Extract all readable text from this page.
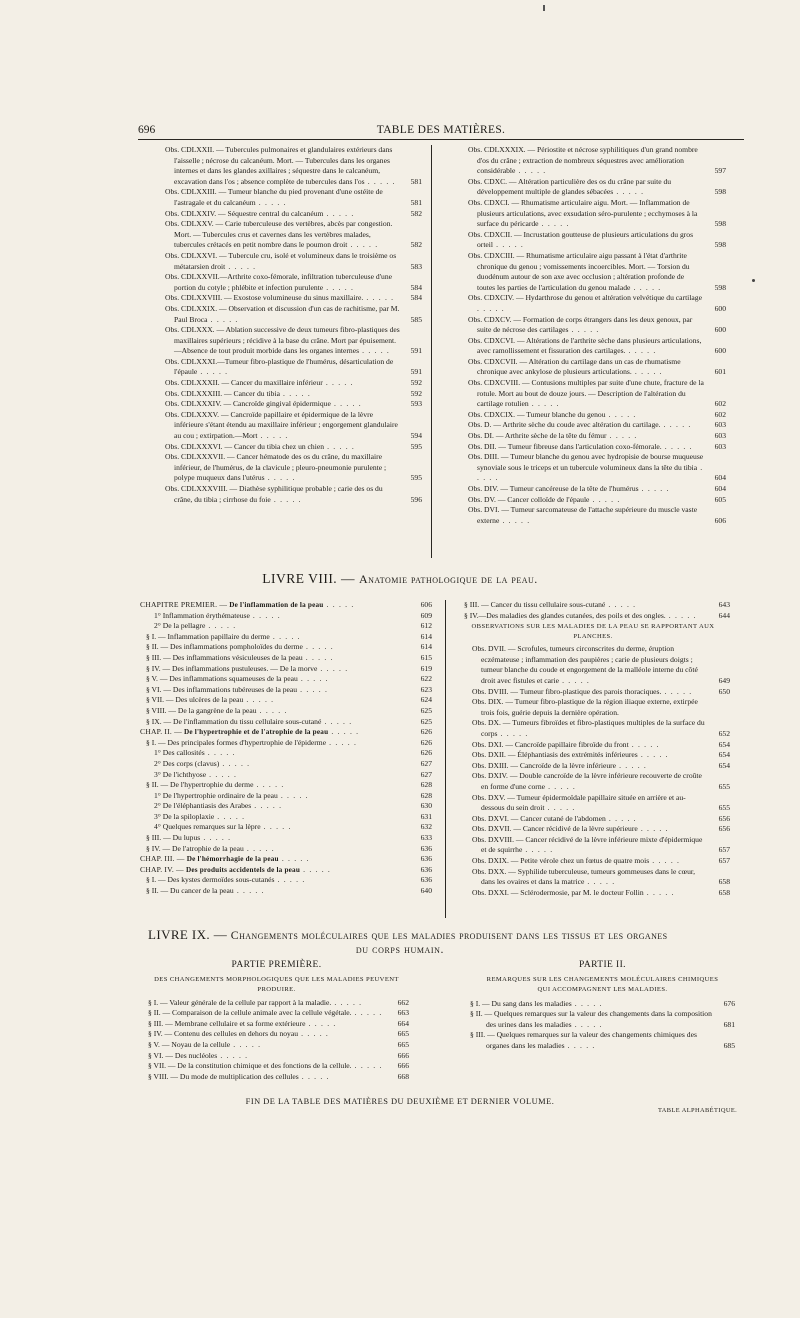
696	TABLE DES MATIÈRES.
Obs. CDLXXII. — Tubercules pulmonaires et glandulaires extérieurs dans l'aisselle ; nécrose du calcanéum. Mort. — Tubercules dans les organes internes et dans les glandes axillaires ; séquestre dans le calcanéum, excavation dans l'os ; absence complète de tubercules dans l'os . . . . . 581
Obs. CDLXXIII. — Tumeur blanche du pied provenant d'une ostéite de l'astragale et du calcanéum . . . . .	581
Obs. CDLXXIV. — Séquestre central du calcanéum . . . . .	582
Obs. CDLXXV. — Carie tuberculeuse des vertèbres, abcès par congestion. Mort. — Tubercules crus et cavernes dans les vertèbres malades, tubercules crétacés en petit nombre dans le poumon droit . . . . .	582
Obs. CDLXXVI. — Tubercule cru, isolé et volumineux dans le troisième os métatarsien droit . . . . .	583
Obs. CDLXXVII.—Arthrite coxo-fémorale, infiltration tuberculeuse d'une portion du cotyle ; phlébite et infection purulente . . . . .	584
Obs. CDLXXVIII. — Exostose volumineuse du sinus maxillaire. . . . . . 584
Obs. CDLXXIX. — Observation et discussion d'un cas de rachitisme, par M. Paul Broca . . . . .	585
Obs. CDLXXX. — Ablation successive de deux tumeurs fibro-plastiques des maxillaires supérieurs ; récidive à la base du crâne. Mort par épuisement.—Absence de tout produit morbide dans les organes internes . . . . .	591
Obs. CDLXXXI.—Tumeur fibro-plastique de l'humérus, désarticulation de l'épaule . . . . .	591
Obs. CDLXXXII. — Cancer du maxillaire inférieur . . . . .	592
Obs. CDLXXXIII. — Cancer du tibia . . . . .	592
Obs. CDLXXXIV. — Cancroïde gingival épidermique . . . . .	593
Obs. CDLXXXV. — Cancroïde papillaire et épidermique de la lèvre inférieure s'étant étendu au maxillaire inférieur ; engorgement glandulaire au cou ; extirpation.—Mort . . . . .	594
Obs. CDLXXXVI. — Cancer du tibia chez un chien . . . . .	595
Obs. CDLXXXVII. — Cancer hématode des os du crâne, du maxillaire inférieur, de l'humérus, de la clavicule ; pleuro-pneumonie purulente ; polype muqueux dans l'utérus . . . . .	595
Obs. CDLXXXVIII. — Diathèse syphilitique probable ; carie des os du crâne, du tibia ; cirrhose du foie . . . . .	596
Obs. CDLXXXIX. — Périostite et nécrose syphilitiques d'un grand nombre d'os du crâne ; extraction de nombreux séquestres avec amélioration considérable . . . . .	597
Obs. CDXC. — Altération particulière des os du crâne par suite du développement multiple de glandes sébacées . . . . .	598
Obs. CDXCI. — Rhumatisme articulaire aigu. Mort. — Inflammation de plusieurs articulations, avec exsudation séro-purulente ; ecchymoses à la surface du péricarde . . . . .	598
Obs. CDXCII. — Incrustation goutteuse de plusieurs articulations du gros orteil . . . . .	598
Obs. CDXCIII. — Rhumatisme articulaire aigu passant à l'état d'arthrite chronique du genou ; vomissements incoercibles. Mort. — Torsion du duodénum autour de son axe avec occlusion ; altération profonde de toutes les parties de l'articulation du genou malade . . . . .	598
Obs. CDXCIV. — Hydarthrose du genou et altération velvétique du cartilage . . . . .	600
Obs. CDXCV. — Formation de corps étrangers dans les deux genoux, par suite de nécrose des cartilages . . . . .	600
Obs. CDXCVI. — Altérations de l'arthrite sèche dans plusieurs articulations, avec ramollissement et fissuration des cartilages. . . . . .	600
Obs. CDXCVII. — Altération du cartilage dans un cas de rhumatisme chronique avec ankylose de plusieurs articulations. . . . . .	601
Obs. CDXCVIII. — Contusions multiples par suite d'une chute, fracture de la rotule. Mort au bout de douze jours. — Description de l'altération du cartilage rotulien . . . . .	602
Obs. CDXCIX. — Tumeur blanche du genou . . . . .	602
Obs. D. — Arthrite sèche du coude avec altération du cartilage. . . . . .	603
Obs. DI. — Arthrite sèche de la tête du fémur . . . . .	603
Obs. DII. — Tumeur fibreuse dans l'articulation coxo-fémorale. . . . . .	603
Obs. DIII. — Tumeur blanche du genou avec hydropisie de bourse muqueuse synoviale sous le triceps et un tubercule volumineux dans la tête du tibia . . . . .	604
Obs. DIV. — Tumeur cancéreuse de la tête de l'humérus . . . . .	604
Obs. DV. — Cancer colloïde de l'épaule . . . . .	605
Obs. DVI. — Tumeur sarcomateuse de l'attache supérieure du muscle vaste externe . . . . .	606
LIVRE VIII. — Anatomie pathologique de la peau.
CHAPITRE PREMIER. — De l'inflammation de la peau . . . . .	606
1° Inflammation érythémateuse . . . . .	609
2° De la pellagre . . . . .	612
§ I. — Inflammation papillaire du derme . . . . .	614
§ II. — Des inflammations pompholoïdes du derme . . . . .	614
§ III. — Des inflammations vésiculeuses de la peau . . . . .	615
§ IV. — Des inflammations pustuleuses. — De la morve . . . . .	619
§ V. — Des inflammations squameuses de la peau . . . . .	622
§ VI. — Des inflammations tubéreuses de la peau . . . . .	623
§ VII. — Des ulcères de la peau . . . . .	624
§ VIII. — De la gangrène de la peau . . . . .	625
§ IX. — De l'inflammation du tissu cellulaire sous-cutané . . . . .	625
CHAP. II. — De l'hypertrophie et de l'atrophie de la peau . . . . .	626
§ I. — Des principales formes d'hypertrophie de l'épiderme . . . . .	626
1° Des callosités . . . . .	626
2° Des corps (clavus) . . . . .	627
3° De l'ichthyose . . . . .	627
§ II. — De l'hypertrophie du derme . . . . .	628
1° De l'hypertrophie ordinaire de la peau . . . . .	628
2° De l'éléphantiasis des Arabes . . . . .	630
3° De la spiloplaxie . . . . .	631
4° Quelques remarques sur la lèpre . . . . .	632
§ III. — Du lupus . . . . .	633
§ IV. — De l'atrophie de la peau . . . . .	636
CHAP. III. — De l'hémorrhagie de la peau . . . . .	636
CHAP. IV. — Des produits accidentels de la peau . . . . .	636
§ I. — Des kystes dermoïdes sous-cutanés . . . . .	636
§ II. — Du cancer de la peau . . . . .	640
§ III. — Cancer du tissu cellulaire sous-cutané . . . . .	643
§ IV.—Des maladies des glandes cutanées, des poils et des ongles. . . . . .	644
OBSERVATIONS SUR LES MALADIES DE LA PEAU SE RAPPORTANT AUX PLANCHES.
Obs. DVII. — Scrofules, tumeurs circonscrites du derme, éruption eczémateuse ; inflammation des paupières ; carie de plusieurs doigts ; tumeur blanche du coude et engorgement de la malléole interne du côté droit avec fistules et carie . . . . .	649
Obs. DVIII. — Tumeur fibro-plastique des parois thoraciques. . . . . .	650
Obs. DIX. — Tumeur fibro-plastique de la région iliaque externe, extirpée trois fois, guérie depuis la dernière opération.
Obs. DX. — Tumeurs fibroïdes et fibro-plastiques multiples de la surface du corps . . . . .	652
Obs. DXI. — Cancroïde papillaire fibroïde du front . . . . .	654
Obs. DXII. — Éléphantiasis des extrémités inférieures . . . . .	654
Obs. DXIII. — Cancroïde de la lèvre inférieure . . . . .	654
Obs. DXIV. — Double cancroïde de la lèvre inférieure recouverte de croûte en forme d'une corne . . . . .	655
Obs. DXV. — Tumeur épidermoïdale papillaire située en arrière et au-dessous du sein droit . . . . .	655
Obs. DXVI. — Cancer cutané de l'abdomen . . . . .	656
Obs. DXVII. — Cancer récidivé de la lèvre supérieure . . . . .	656
Obs. DXVIII. — Cancer récidivé de la lèvre inférieure mixte d'épidermique et de squirrhe . . . . .	657
Obs. DXIX. — Petite vérole chez un fœtus de quatre mois . . . . .	657
Obs. DXX. — Syphilide tuberculeuse, tumeurs gommeuses dans le cœur, dans les ovaires et dans la matrice . . . . .	658
Obs. DXXI. — Sclérodermosie, par M. le docteur Follin . . . . .	658
LIVRE IX. — Changements moléculaires que les maladies produisent dans les tissus et les organes
du corps humain.
PARTIE PREMIÈRE.
DES CHANGEMENTS MORPHOLOGIQUES QUE LES MALADIES PEUVENT PRODUIRE.
§ I. — Valeur générale de la cellule par rapport à la maladie. . . . . .	662
§ II. — Comparaison de la cellule animale avec la cellule végétale. . . . . . 663
§ III. — Membrane cellulaire et sa forme extérieure . . . . .	664
§ IV. — Contenu des cellules en dehors du noyau . . . . .	665
§ V. — Noyau de la cellule . . . . .	665
§ VI. — Des nucléoles . . . . .	666
§ VII. — De la constitution chimique et des fonctions de la cellule. . . . . . 666
§ VIII. — Du mode de multiplication des cellules . . . . .	668
PARTIE II.
REMARQUES SUR LES CHANGEMENTS MOLÉCULAIRES CHIMIQUES
QUI ACCOMPAGNENT LES MALADIES.
§ I. — Du sang dans les maladies . . . . .	676
§ II. — Quelques remarques sur la valeur des changements dans la composition des urines dans les maladies . . . . .	681
§ III. — Quelques remarques sur la valeur des changements chimiques des organes dans les maladies . . . . .	685
FIN DE LA TABLE DES MATIÈRES DU DEUXIÈME ET DERNIER VOLUME.
TABLE ALPHABÉTIQUE.
